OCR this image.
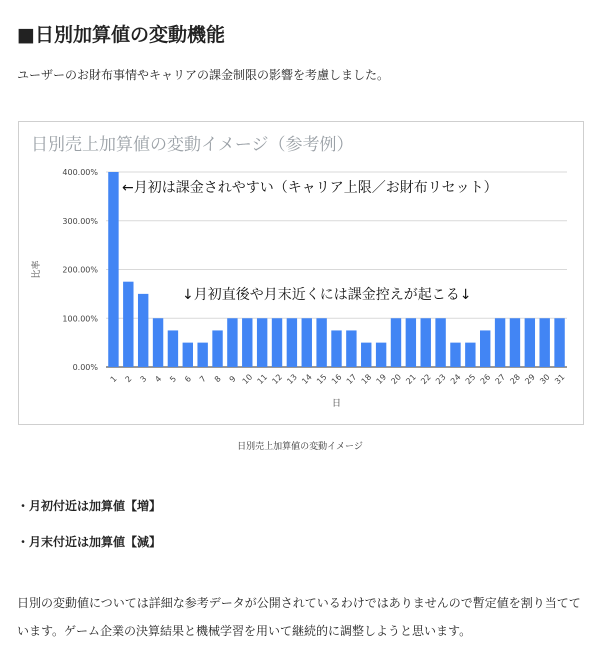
■日別加算値の変動機能
ユーザーのお財布事情やキャリアの課金制限の影響を考慮しました。
日別売上加算値の変動イメージ（参考例）
0.00%
100.00%
200.00%
300.00%
400.00%
1 2 3 4 5 6 7 8 9 10 11 12 13 14 15 16 17 18 19 20 21 22 23 24 25 26 27 28 29 30 31
日
比率
←月初は課金されやすい（キャリア上限／お財布リセット）
↓月初直後や月末近くには課金控えが起こる↓
日別売上加算値の変動イメージ
・月初付近は加算値【増】
・月末付近は加算値【減】
日別の変動値については詳細な参考データが公開されているわけではありませんので暫定値を割り当てています。ゲーム企業の決算結果と機械学習を用いて継続的に調整しようと思います。
